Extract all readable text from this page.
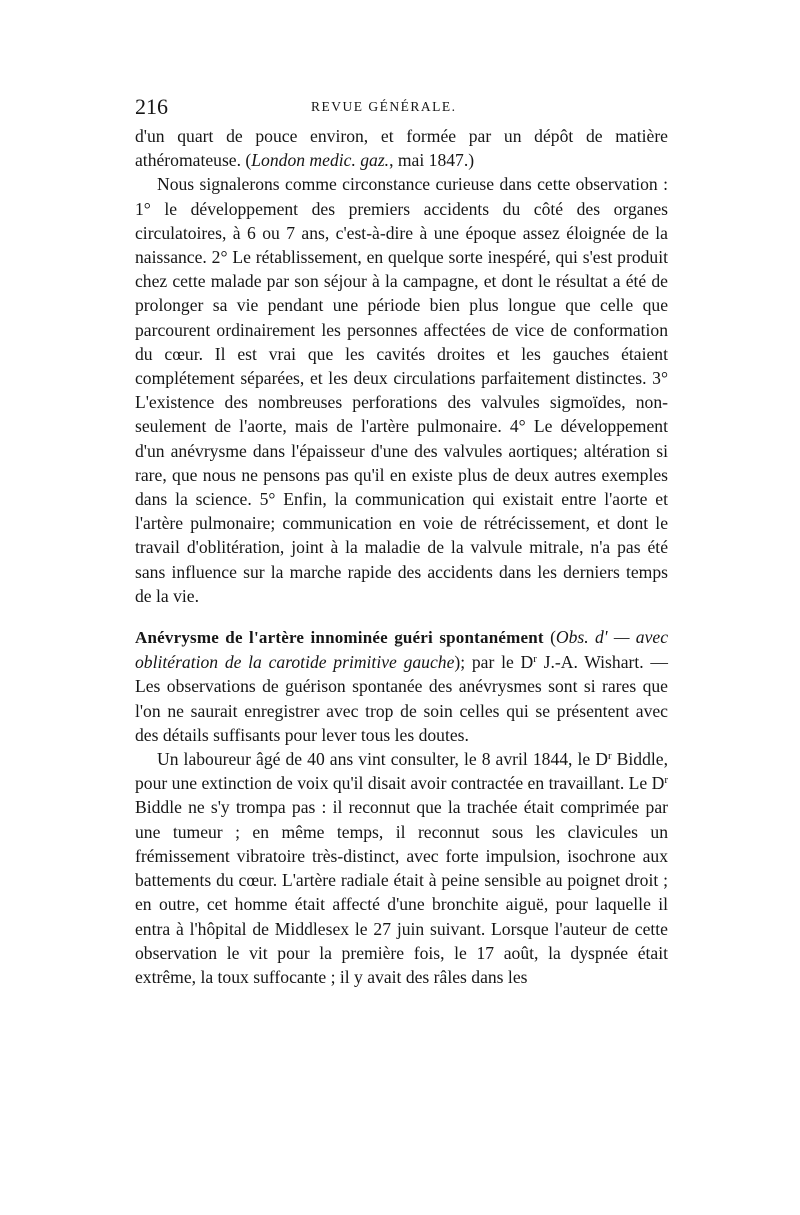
216	REVUE GÉNÉRALE.

d'un quart de pouce environ, et formée par un dépôt de matière athéromateuse. (London medic. gaz., mai 1847.)

Nous signalerons comme circonstance curieuse dans cette observation : 1° le développement des premiers accidents du côté des organes circulatoires, à 6 ou 7 ans, c'est-à-dire à une époque assez éloignée de la naissance. 2° Le rétablissement, en quelque sorte inespéré, qui s'est produit chez cette malade par son séjour à la campagne, et dont le résultat a été de prolonger sa vie pendant une période bien plus longue que celle que parcourent ordinairement les personnes affectées de vice de conformation du cœur. Il est vrai que les cavités droites et les gauches étaient complétement séparées, et les deux circulations parfaitement distinctes. 3° L'existence des nombreuses perforations des valvules sigmoïdes, non-seulement de l'aorte, mais de l'artère pulmonaire. 4° Le développement d'un anévrysme dans l'épaisseur d'une des valvules aortiques; altération si rare, que nous ne pensons pas qu'il en existe plus de deux autres exemples dans la science. 5° Enfin, la communication qui existait entre l'aorte et l'artère pulmonaire; communication en voie de rétrécissement, et dont le travail d'oblitération, joint à la maladie de la valvule mitrale, n'a pas été sans influence sur la marche rapide des accidents dans les derniers temps de la vie.

Anévrysme de l'artère innominée guéri spontanément (Obs. d' — avec oblitération de la carotide primitive gauche); par le $D^r$ J.-A. Wishart. — Les observations de guérison spontanée des anévrysmes sont si rares que l'on ne saurait enregistrer avec trop de soin celles qui se présentent avec des détails suffisants pour lever tous les doutes.

Un laboureur âgé de 40 ans vint consulter, le 8 avril 1844, le $D^r$ Biddle, pour une extinction de voix qu'il disait avoir contractée en travaillant. Le $D^r$ Biddle ne s'y trompa pas : il reconnut que la trachée était comprimée par une tumeur ; en même temps, il reconnut sous les clavicules un frémissement vibratoire très-distinct, avec forte impulsion, isochrone aux battements du cœur. L'artère radiale était à peine sensible au poignet droit ; en outre, cet homme était affecté d'une bronchite aiguë, pour laquelle il entra à l'hôpital de Middlesex le 27 juin suivant. Lorsque l'auteur de cette observation le vit pour la première fois, le 17 août, la dyspnée était extrême, la toux suffocante ; il y avait des râles dans les
